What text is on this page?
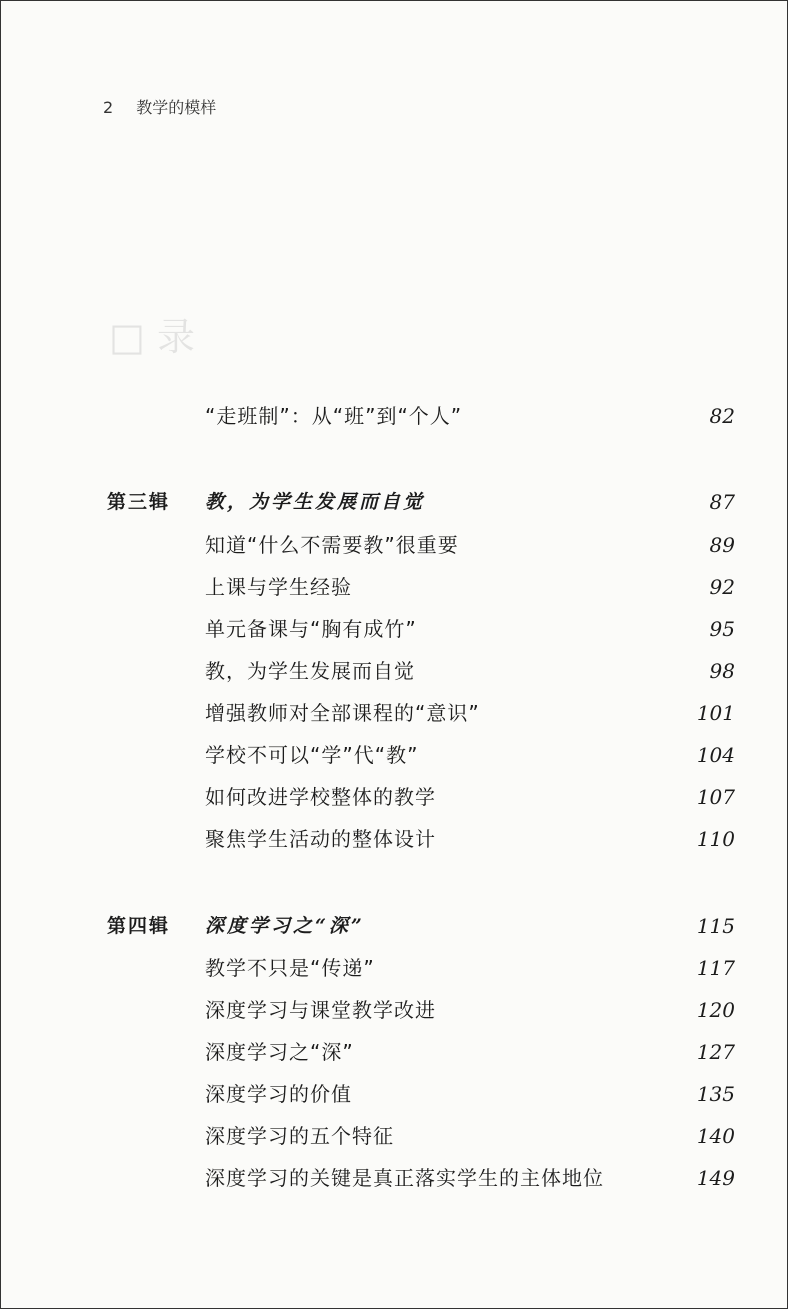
□ 录
2 教学的模样
“走班制”：从“班”到“个人”	82
第三辑 教，为学生发展而自觉	87
知道“什么不需要教”很重要	89
上课与学生经验	92
单元备课与“胸有成竹”	95
教，为学生发展而自觉	98
增强教师对全部课程的“意识”	101
学校不可以“学”代“教”	104
如何改进学校整体的教学	107
聚焦学生活动的整体设计	110
第四辑 深度学习之“深”	115
教学不只是“传递”	117
深度学习与课堂教学改进	120
深度学习之“深”	127
深度学习的价值	135
深度学习的五个特征	140
深度学习的关键是真正落实学生的主体地位	149
